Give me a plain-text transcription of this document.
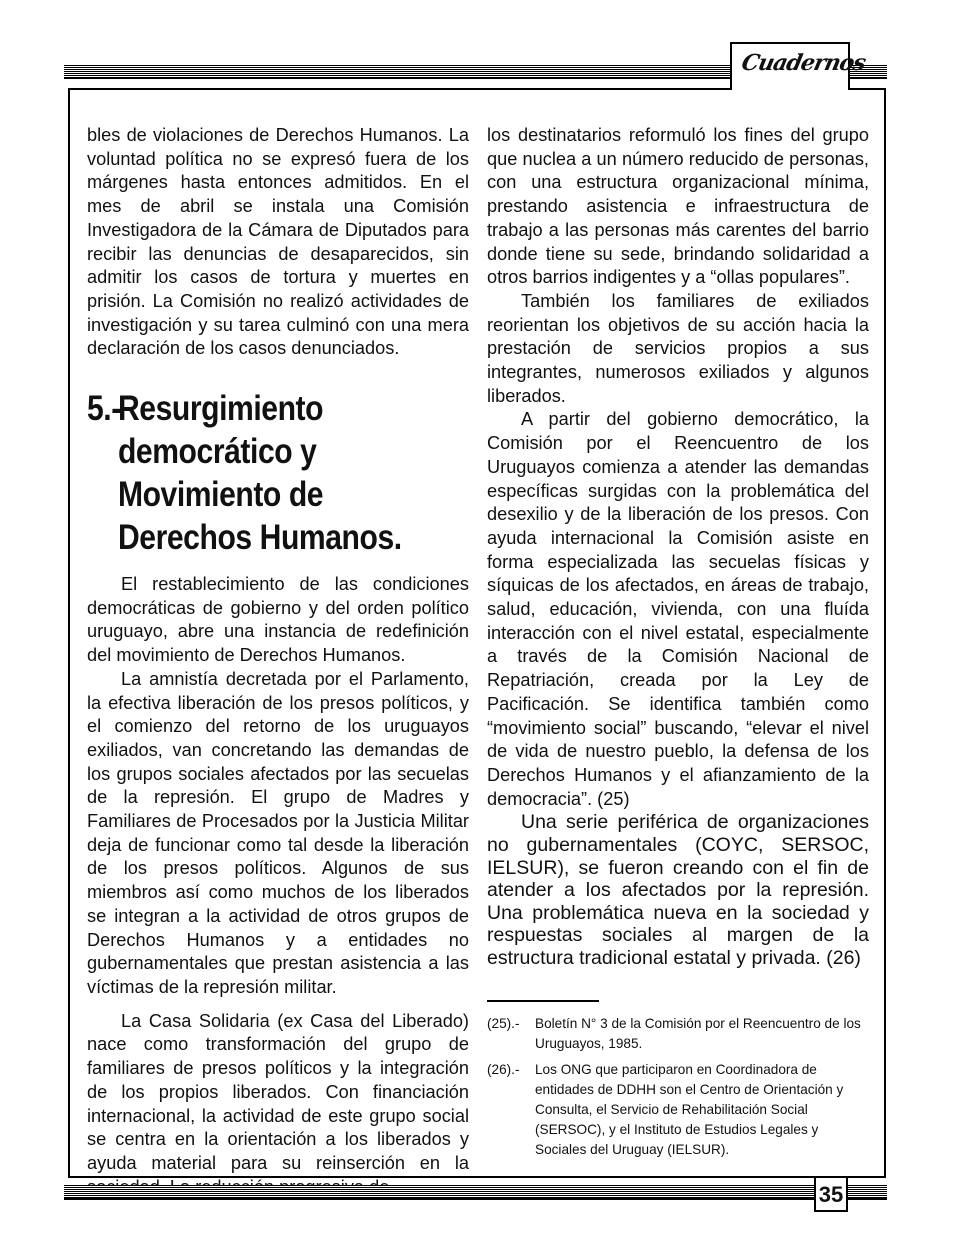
Cuadernos

bles de violaciones de Derechos Humanos. La voluntad política no se expresó fuera de los márgenes hasta entonces admitidos. En el mes de abril se instala una Comisión Investigadora de la Cámara de Diputados para recibir las denuncias de desaparecidos, sin admitir los casos de tortura y muertes en prisión. La Comisión no realizó actividades de investigación y su tarea culminó con una mera declaración de los casos denunciados.

5.-Resurgimiento
democrático y
Movimiento de
Derechos Humanos.

El restablecimiento de las condiciones democráticas de gobierno y del orden político uruguayo, abre una instancia de redefinición del movimiento de Derechos Humanos.

La amnistía decretada por el Parlamento, la efectiva liberación de los presos políticos, y el comienzo del retorno de los uruguayos exiliados, van concretando las demandas de los grupos sociales afectados por las secuelas de la represión. El grupo de Madres y Familiares de Procesados por la Justicia Militar deja de funcionar como tal desde la liberación de los presos políticos. Algunos de sus miembros así como muchos de los liberados se integran a la actividad de otros grupos de Derechos Humanos y a entidades no gubernamentales que prestan asistencia a las víctimas de la represión militar.

La Casa Solidaria (ex Casa del Liberado) nace como transformación del grupo de familiares de presos políticos y la integración de los propios liberados. Con financiación internacional, la actividad de este grupo social se centra en la orientación a los liberados y ayuda material para su reinserción en la

los destinatarios reformuló los fines del grupo que nuclea a un número reducido de personas, con una estructura organizacional mínima, prestando asistencia e infraestructura de trabajo a las personas más carentes del barrio donde tiene su sede, brindando solidaridad a otros barrios indigentes y a “ollas populares”.

También los familiares de exiliados reorientan los objetivos de su acción hacia la prestación de servicios propios a sus integrantes, numerosos exiliados y algunos liberados.

A partir del gobierno democrático, la Comisión por el Reencuentro de los Uruguayos comienza a atender las demandas específicas surgidas con la problemática del desexilio y de la liberación de los presos. Con ayuda internacional la Comisión asiste en forma especializada las secuelas físicas y síquicas de los afectados, en áreas de trabajo, salud, educación, vivienda, con una fluída interacción con el nivel estatal, especialmente a través de la Comisión Nacional de Repatriación, creada por la Ley de Pacificación. Se identifica también como “movimiento social” buscando, “elevar el nivel de vida de nuestro pueblo, la defensa de los Derechos Humanos y el afianzamiento de la democracia”. (25)

Una serie periférica de organizaciones no gubernamentales (COYC, SERSOC, IELSUR), se fueron creando con el fin de atender a los afectados por la represión. Una problemática nueva en la sociedad y respuestas sociales al margen de la estructura tradicional estatal y privada. (26)

(25).-	Boletín N° 3 de la Comisión por el Reencuentro de los Uruguayos, 1985.
(26).-	Los ONG que participaron en Coordinadora de entidades de DDHH son el Centro de Orientación y Consulta, el Servicio de Rehabilitación Social (SERSOC), y el Instituto de Estudios Legales y Sociales del Uruguay (IELSUR).
35
